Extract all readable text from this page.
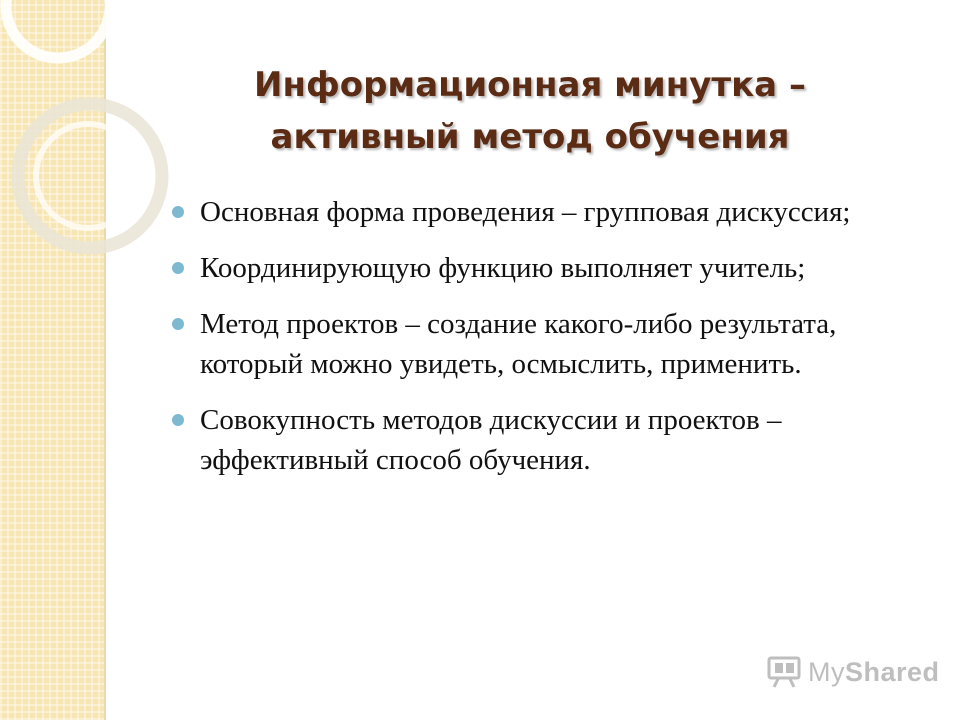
Информационная минутка –
активный метод обучения
Основная форма проведения – групповая дискуссия;
Координирующую функцию выполняет учитель;
Метод проектов – создание какого-либо результата, который можно увидеть, осмыслить, применить.
Совокупность методов дискуссии и проектов – эффективный способ обучения.
MyShared
